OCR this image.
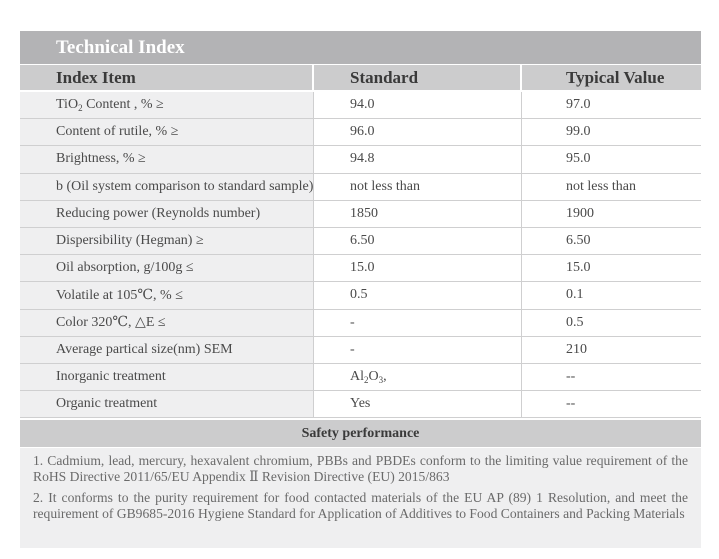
Technical Index
Index Item	Standard	Typical Value
TiO$_2$ Content , % ≥	94.0	97.0
Content of rutile, % ≥	96.0	99.0
Brightness, % ≥	94.8	95.0
b (Oil system comparison to standard sample)	not less than	not less than
Reducing power (Reynolds number)	1850	1900
Dispersibility (Hegman) ≥	6.50	6.50
Oil absorption, g/100g ≤	15.0	15.0
Volatile at 105℃, % ≤	0.5	0.1
Color 320℃, △E ≤	-	0.5
Average partical size(nm) SEM	-	210
Inorganic treatment	$Al_2O_3$,	--
Organic treatment	Yes	--
Safety performance

1. Cadmium, lead, mercury, hexavalent chromium, PBBs and PBDEs conform to the limiting value requirement of the RoHS Directive 2011/65/EU Appendix Ⅱ Revision Directive (EU) 2015/863

2. It conforms to the purity requirement for food contacted materials of the EU AP (89) 1 Resolution, and meet the requirement of GB9685-2016 Hygiene Standard for Application of Additives to Food Containers and Packing Materials
